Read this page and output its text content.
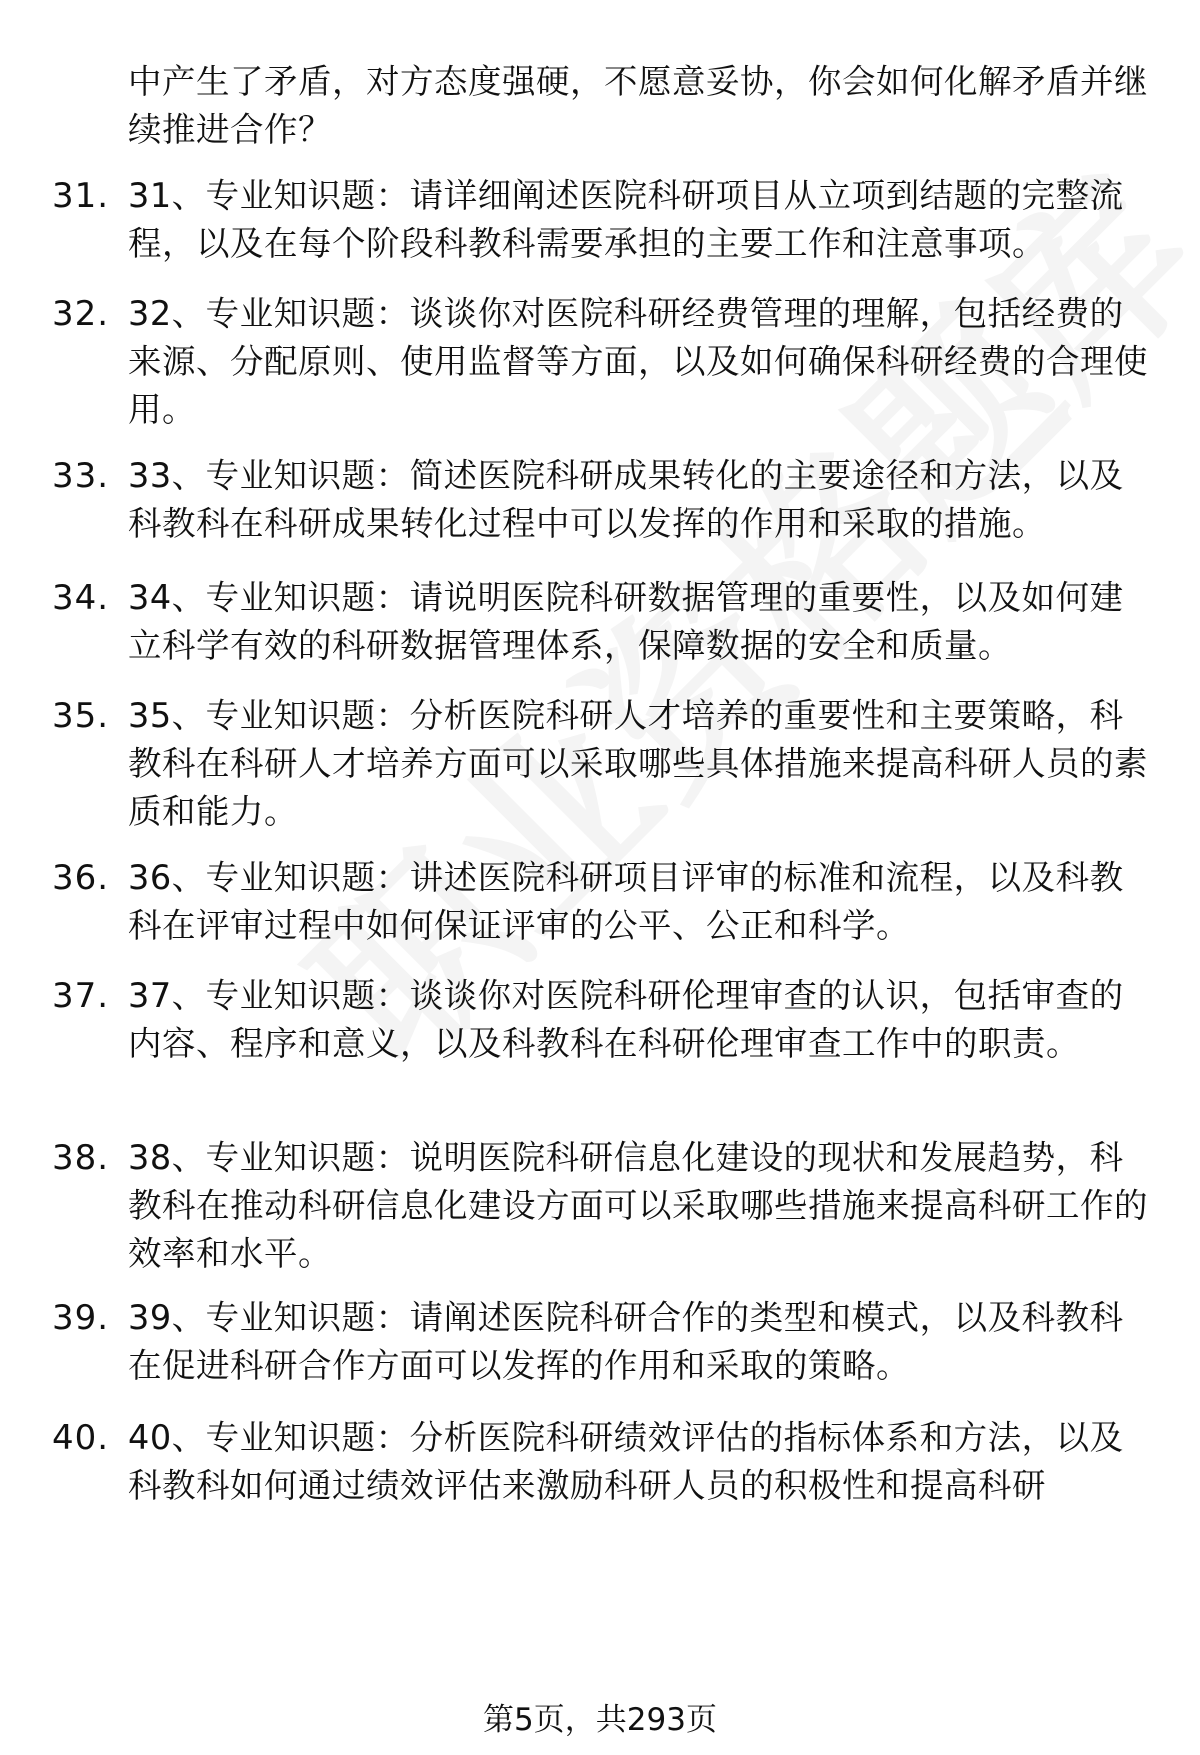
中产生了矛盾，对方态度强硬，不愿意妥协，你会如何化解矛盾并继续推进合作？
31. 31、专业知识题：请详细阐述医院科研项目从立项到结题的完整流程，以及在每个阶段科教科需要承担的主要工作和注意事项。
32. 32、专业知识题：谈谈你对医院科研经费管理的理解，包括经费的来源、分配原则、使用监督等方面，以及如何确保科研经费的合理使用。
33. 33、专业知识题：简述医院科研成果转化的主要途径和方法，以及科教科在科研成果转化过程中可以发挥的作用和采取的措施。
34. 34、专业知识题：请说明医院科研数据管理的重要性，以及如何建立科学有效的科研数据管理体系，保障数据的安全和质量。
35. 35、专业知识题：分析医院科研人才培养的重要性和主要策略，科教科在科研人才培养方面可以采取哪些具体措施来提高科研人员的素质和能力。
36. 36、专业知识题：讲述医院科研项目评审的标准和流程，以及科教科在评审过程中如何保证评审的公平、公正和科学。
37. 37、专业知识题：谈谈你对医院科研伦理审查的认识，包括审查的内容、程序和意义，以及科教科在科研伦理审查工作中的职责。
38. 38、专业知识题：说明医院科研信息化建设的现状和发展趋势，科教科在推动科研信息化建设方面可以采取哪些措施来提高科研工作的效率和水平。
39. 39、专业知识题：请阐述医院科研合作的类型和模式，以及科教科在促进科研合作方面可以发挥的作用和采取的策略。
40. 40、专业知识题：分析医院科研绩效评估的指标体系和方法，以及科教科如何通过绩效评估来激励科研人员的积极性和提高科研
第5页，共293页
